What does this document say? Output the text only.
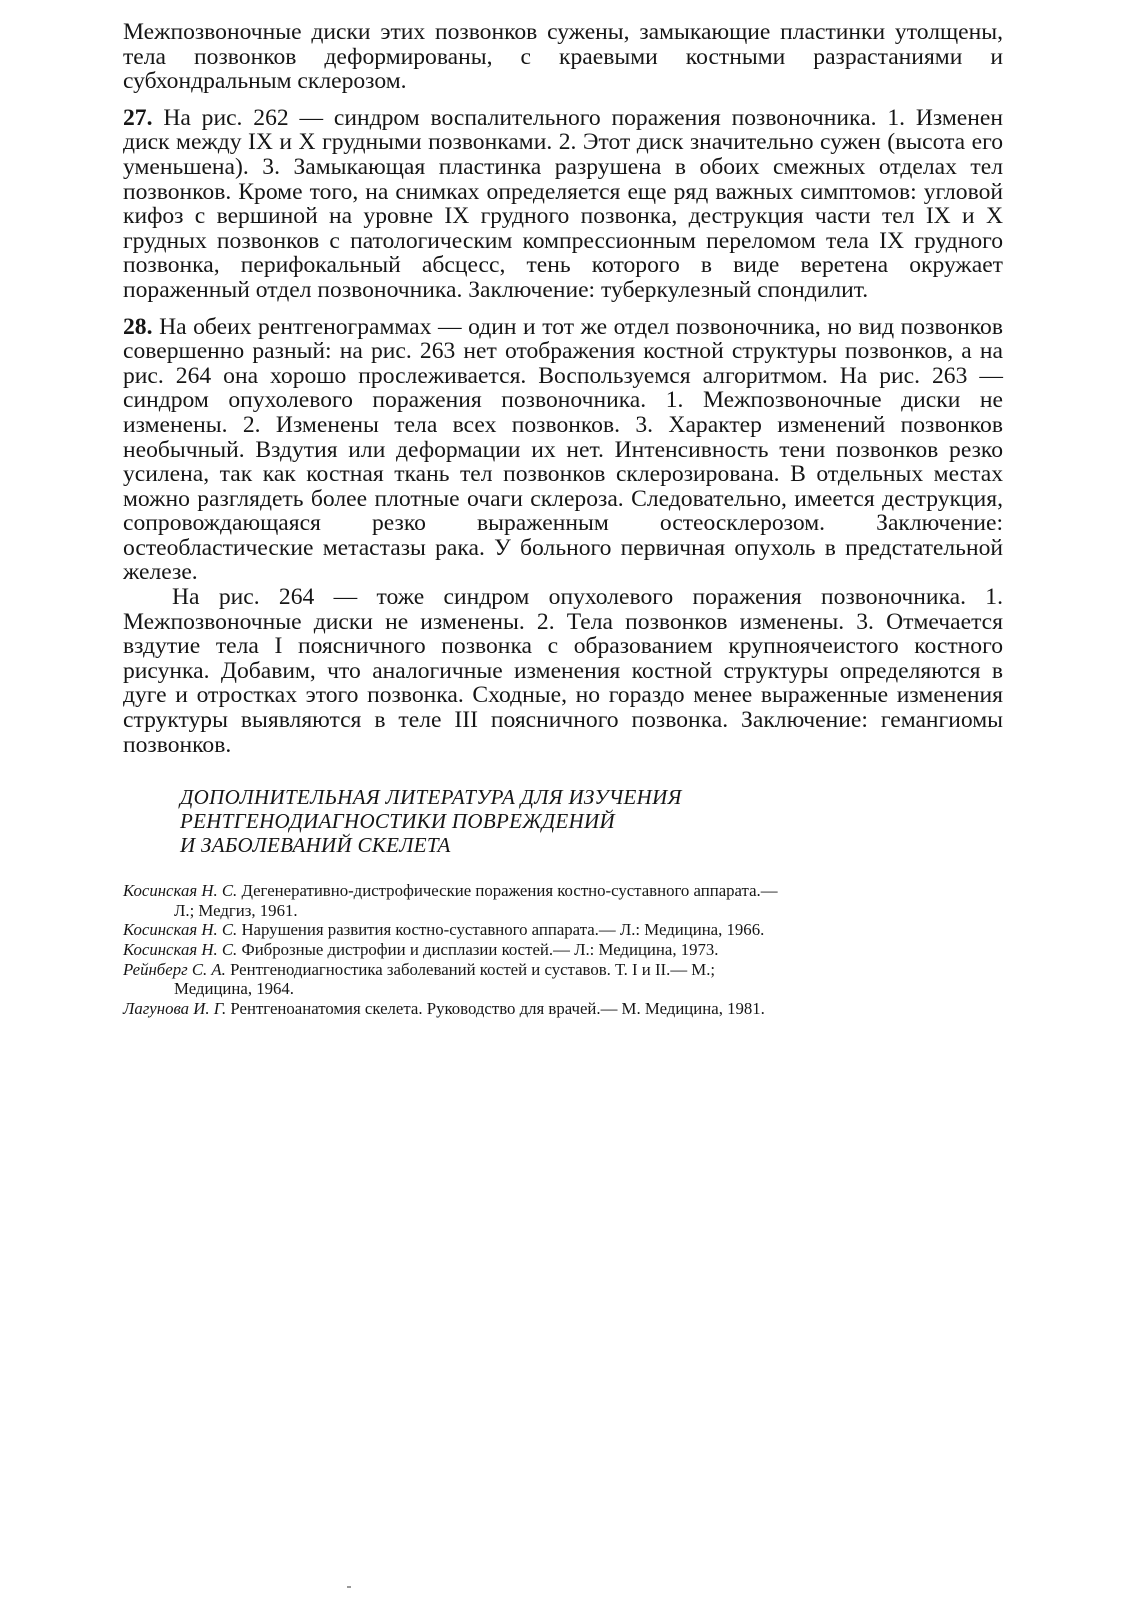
Межпозвоночные диски этих позвонков сужены, замыкающие пластинки утолщены, тела позвонков деформированы, с краевыми костными разрастаниями и субхондральным склерозом.

27. На рис. 262 — синдром воспалительного поражения позвоночника. 1. Изменен диск между IX и X грудными позвонками. 2. Этот диск значительно сужен (высота его уменьшена). 3. Замыкающая пластинка разрушена в обоих смежных отделах тел позвонков. Кроме того, на снимках определяется еще ряд важных симптомов: угловой кифоз с вершиной на уровне IX грудного позвонка, деструкция части тел IX и X грудных позвонков с патологическим компрессионным переломом тела IX грудного позвонка, перифокальный абсцесс, тень которого в виде веретена окружает пораженный отдел позвоночника. Заключение: туберкулезный спондилит.

28. На обеих рентгенограммах — один и тот же отдел позвоночника, но вид позвонков совершенно разный: на рис. 263 нет отображения костной структуры позвонков, а на рис. 264 она хорошо прослеживается. Воспользуемся алгоритмом. На рис. 263 — синдром опухолевого поражения позвоночника. 1. Межпозвоночные диски не изменены. 2. Изменены тела всех позвонков. 3. Характер изменений позвонков необычный. Вздутия или деформации их нет. Интенсивность тени позвонков резко усилена, так как костная ткань тел позвонков склерозирована. В отдельных местах можно разглядеть более плотные очаги склероза. Следовательно, имеется деструкция, сопровождающаяся резко выраженным остеосклерозом. Заключение: остеобластические метастазы рака. У больного первичная опухоль в предстательной железе.

На рис. 264 — тоже синдром опухолевого поражения позвоночника. 1. Межпозвоночные диски не изменены. 2. Тела позвонков изменены. 3. Отмечается вздутие тела I поясничного позвонка с образованием крупноячеистого костного рисунка. Добавим, что аналогичные изменения костной структуры определяются в дуге и отростках этого позвонка. Сходные, но гораздо менее выраженные изменения структуры выявляются в теле III поясничного позвонка. Заключение: гемангиомы позвонков.

ДОПОЛНИТЕЛЬНАЯ ЛИТЕРАТУРА ДЛЯ ИЗУЧЕНИЯ
РЕНТГЕНОДИАГНОСТИКИ ПОВРЕЖДЕНИЙ
И ЗАБОЛЕВАНИЙ СКЕЛЕТА

Косинская Н. С. Дегенеративно-дистрофические поражения костно-суставного аппарата.—
Л.; Медгиз, 1961.

Косинская Н. С. Нарушения развития костно-суставного аппарата.— Л.: Медицина, 1966.

Косинская Н. С. Фиброзные дистрофии и дисплазии костей.— Л.: Медицина, 1973.

Рейнберг С. А. Рентгенодиагностика заболеваний костей и суставов. Т. I и II.— М.;
Медицина, 1964.

Лагунова И. Г. Рентгеноанатомия скелета. Руководство для врачей.— М. Медицина, 1981.
